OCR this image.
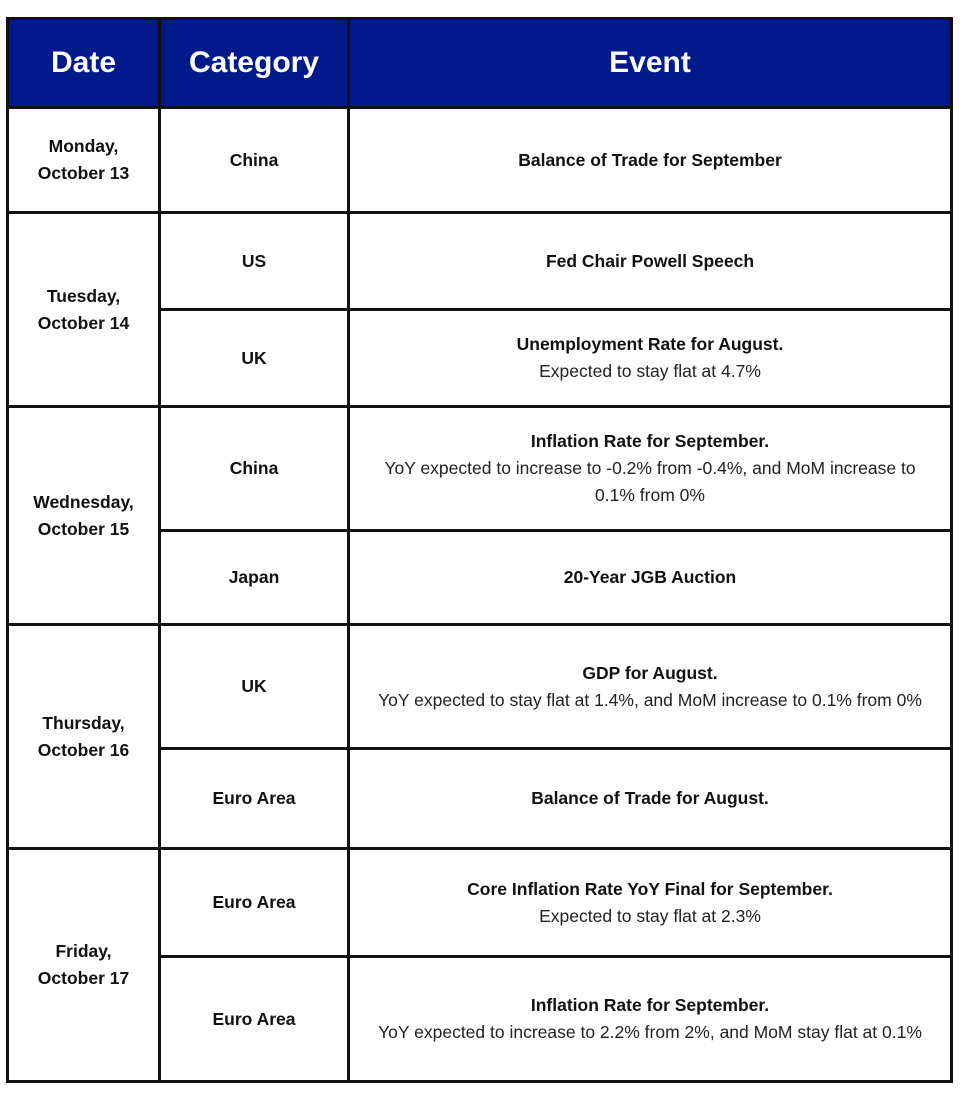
Date	Category	Event

Monday,
October 13	China	Balance of Trade for September

Tuesday,
October 14	US	Fed Chair Powell Speech

	UK	Unemployment Rate for August.
Expected to stay flat at 4.7%

Wednesday,
October 15	China	Inflation Rate for September.
YoY expected to increase to -0.2% from -0.4%, and MoM increase to 0.1% from 0%

	Japan	20-Year JGB Auction

Thursday,
October 16	UK	GDP for August.
YoY expected to stay flat at 1.4%, and MoM increase to 0.1% from 0%

	Euro Area	Balance of Trade for August.

Friday,
October 17	Euro Area	Core Inflation Rate YoY Final for September.
Expected to stay flat at 2.3%

	Euro Area	Inflation Rate for September.
YoY expected to increase to 2.2% from 2%, and MoM stay flat at 0.1%
